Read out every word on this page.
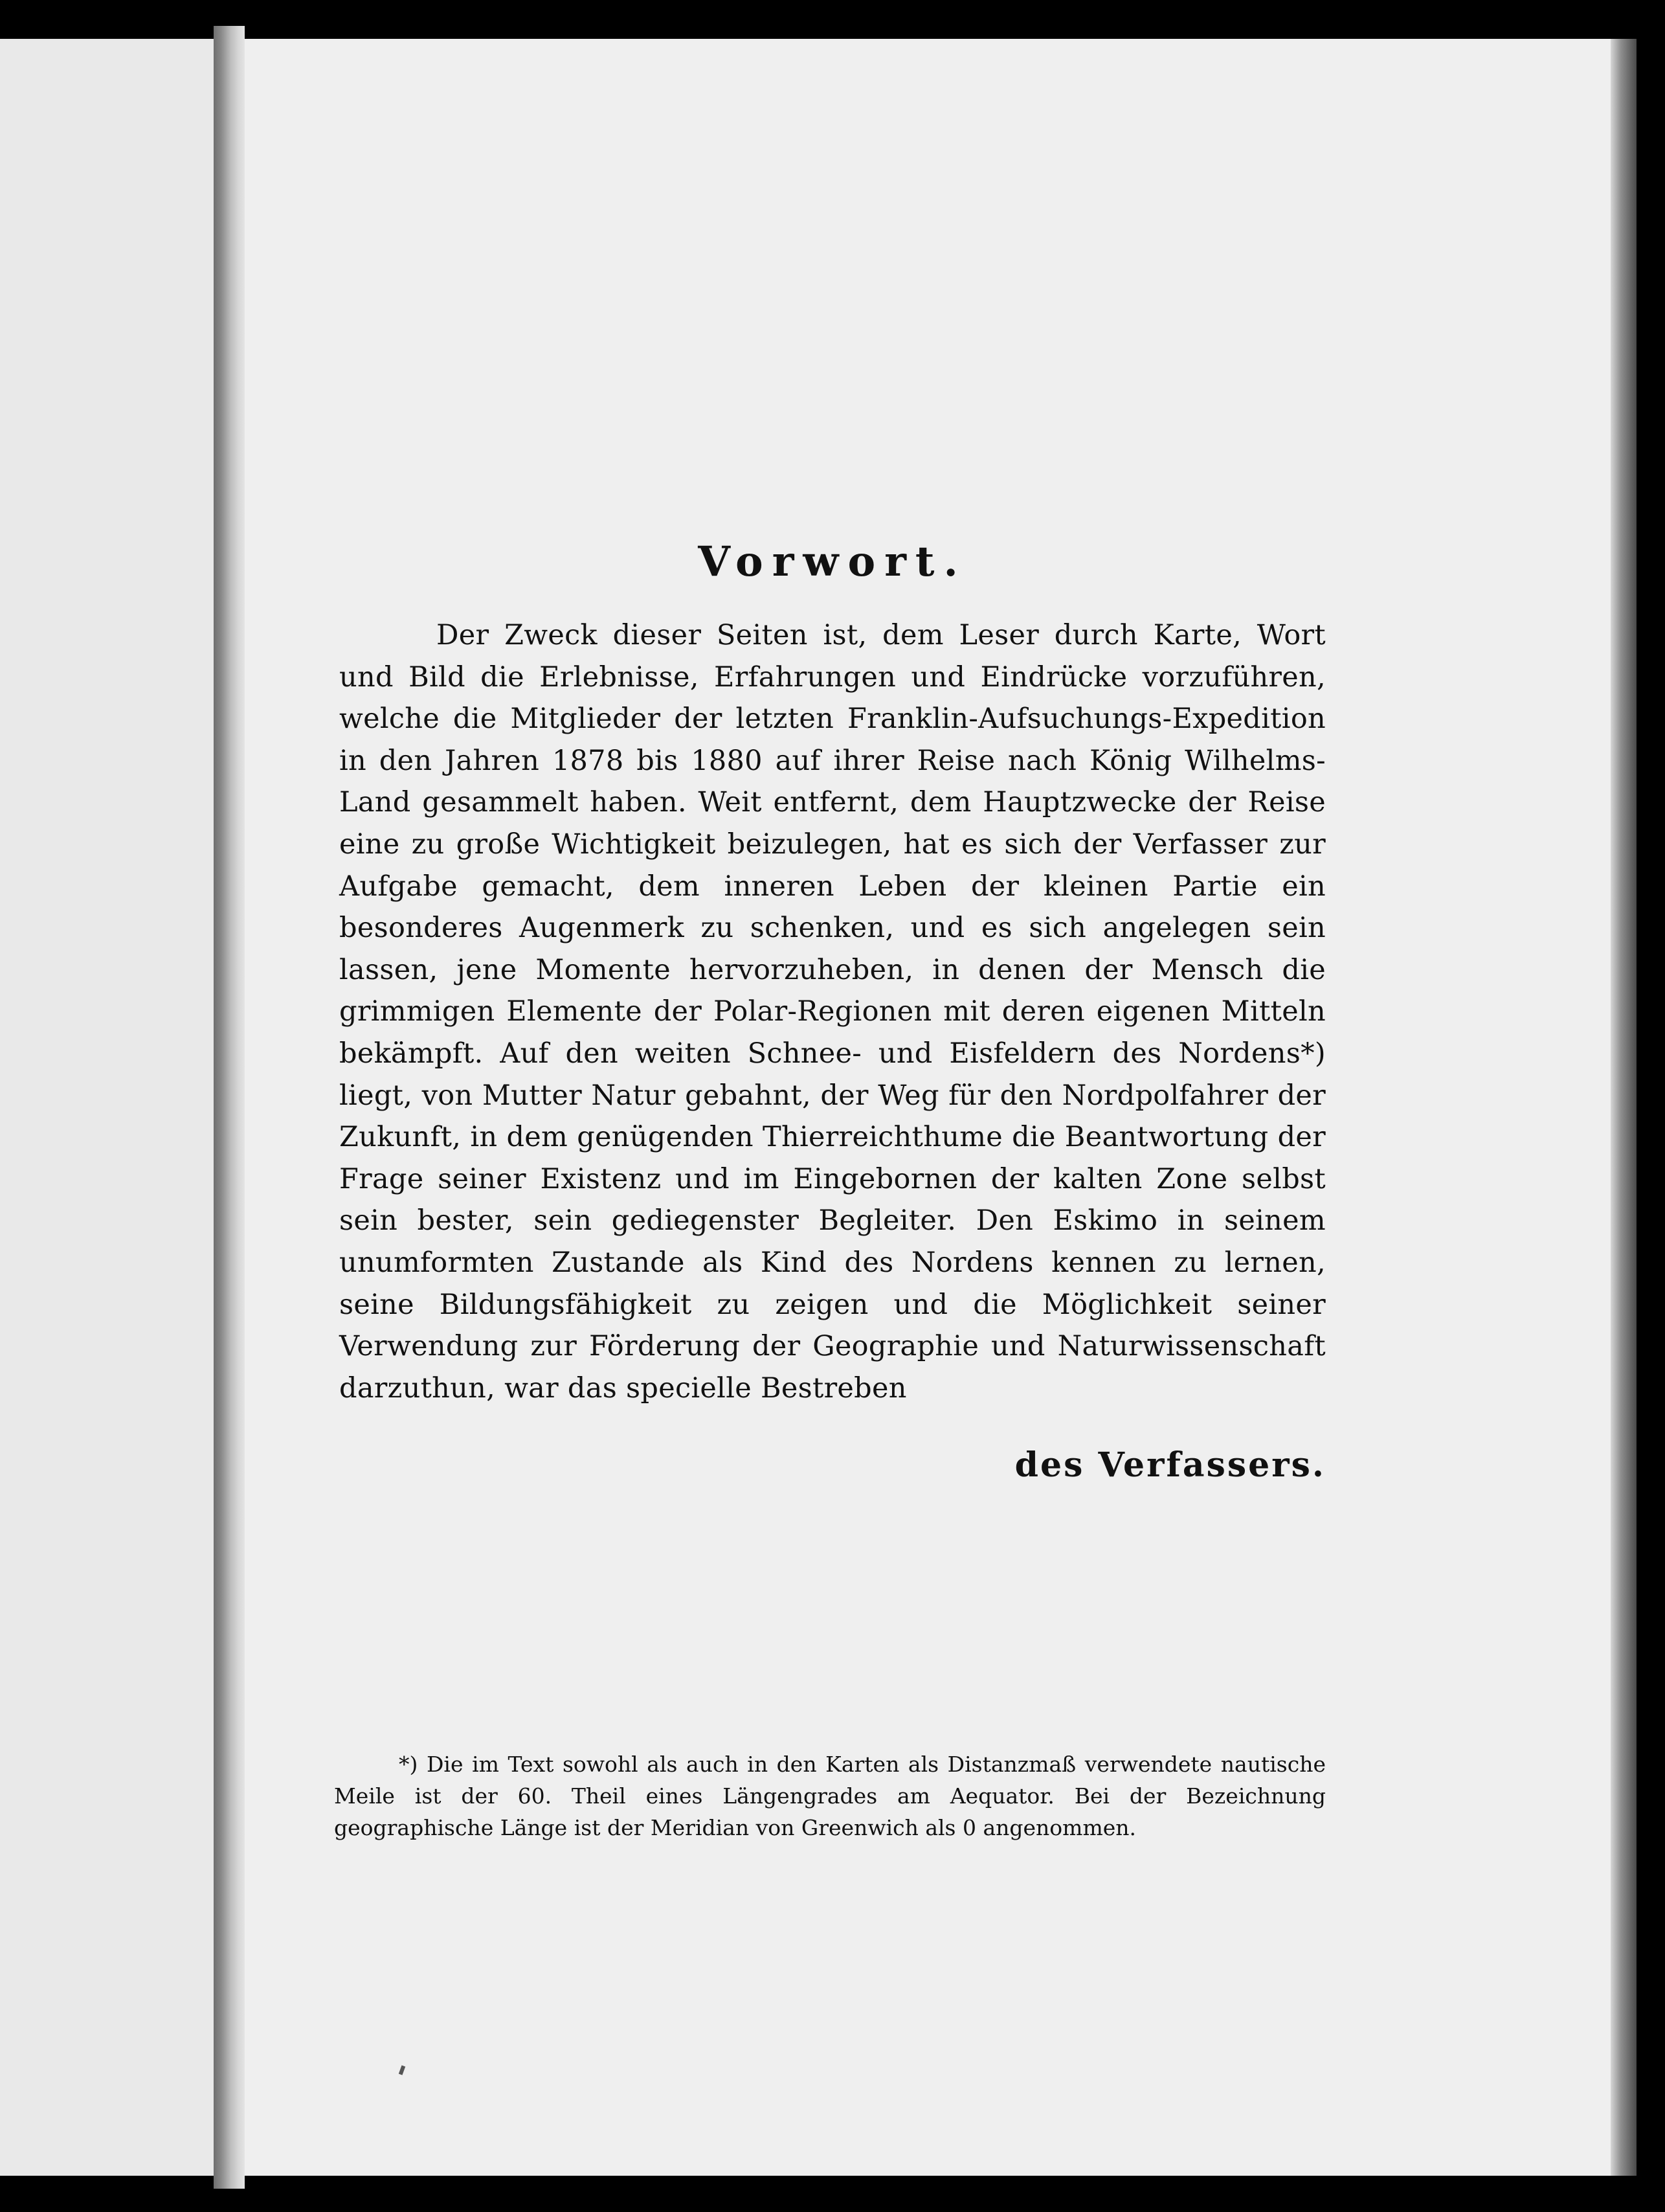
Vorwort.

Der Zweck dieser Seiten ist, dem Leser durch Karte, Wort und Bild die Erlebnisse, Erfahrungen und Eindrücke vorzuführen, welche die Mitglieder der letzten Franklin-Aufsuchungs-Expedition in den Jahren 1878 bis 1880 auf ihrer Reise nach König Wilhelms-Land gesammelt haben. Weit entfernt, dem Hauptzwecke der Reise eine zu große Wichtigkeit beizulegen, hat es sich der Verfasser zur Aufgabe gemacht, dem inneren Leben der kleinen Partie ein besonderes Augenmerk zu schenken, und es sich angelegen sein lassen, jene Momente hervorzuheben, in denen der Mensch die grimmigen Elemente der Polar-Regionen mit deren eigenen Mitteln bekämpft. Auf den weiten Schnee- und Eisfeldern des Nordens*) liegt, von Mutter Natur gebahnt, der Weg für den Nordpolfahrer der Zukunft, in dem genügenden Thierreichthume die Beantwortung der Frage seiner Existenz und im Eingebornen der kalten Zone selbst sein bester, sein gediegenster Begleiter. Den Eskimo in seinem unumformten Zustande als Kind des Nordens kennen zu lernen, seine Bildungsfähigkeit zu zeigen und die Möglichkeit seiner Verwendung zur Förderung der Geographie und Naturwissenschaft darzuthun, war das specielle Bestreben

des Verfassers.

*) Die im Text sowohl als auch in den Karten als Distanzmaß verwendete nautische Meile ist der 60. Theil eines Längengrades am Aequator. Bei der Bezeichnung geographische Länge ist der Meridian von Greenwich als 0 angenommen.
